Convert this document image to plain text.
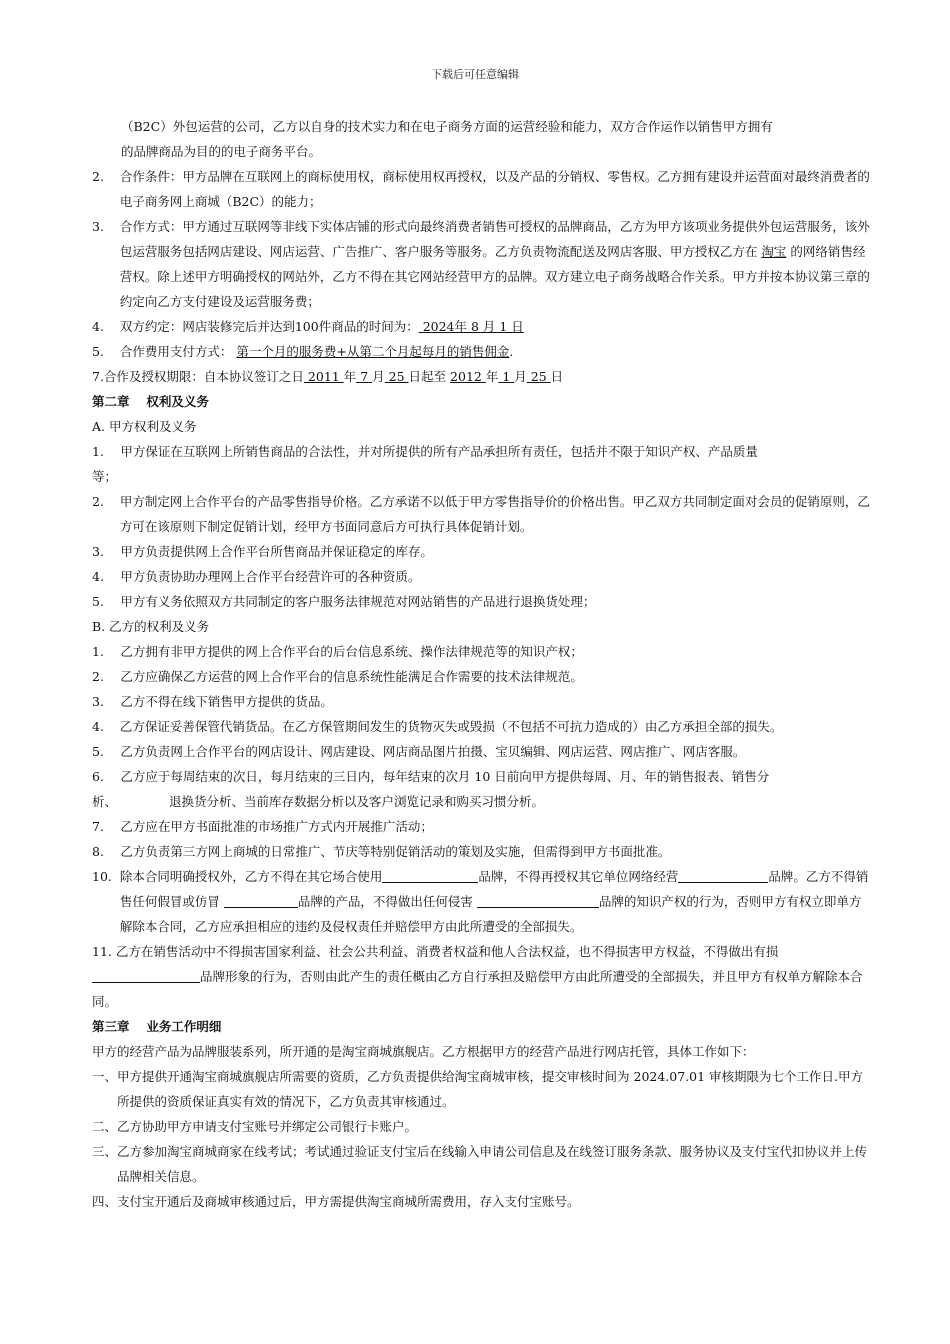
下载后可任意编辑

（B2C）外包运营的公司，乙方以自身的技术实力和在电子商务方面的运营经验和能力，双方合作运作以销售甲方拥有

的品牌商品为目的的电子商务平台。

2.	合作条件：甲方品牌在互联网上的商标使用权，商标使用权再授权，以及产品的分销权、零售权。乙方拥有建设并运营面对最终消费者的电子商务网上商城（B2C）的能力；
3.	合作方式：甲方通过互联网等非线下实体店铺的形式向最终消费者销售可授权的品牌商品，乙方为甲方该项业务提供外包运营服务，该外包运营服务包括网店建设、网店运营、广告推广、客户服务等服务。乙方负责物流配送及网店客服、甲方授权乙方在 淘宝 的网络销售经营权。除上述甲方明确授权的网站外，乙方不得在其它网站经营甲方的品牌。双方建立电子商务战略合作关系。甲方并按本协议第三章的约定向乙方支付建设及运营服务费；
4.	双方约定：网店装修完后并达到100件商品的时间为： 2024年 8 月 1 日
5.	合作费用支付方式： 第一个月的服务费+从第二个月起每月的销售佣金.

7.合作及授权期限：自本协议签订之日 2011 年 7 月 25 日起至 2012 年 1 月 25 日

第二章　 权利及义务

A. 甲方权利及义务

1.　 甲方保证在互联网上所销售商品的合法性，并对所提供的所有产品承担所有责任，包括并不限于知识产权、产品质量

等；

2.	甲方制定网上合作平台的产品零售指导价格。乙方承诺不以低于甲方零售指导价的价格出售。甲乙双方共同制定面对会员的促销原则，乙方可在该原则下制定促销计划，经甲方书面同意后方可执行具体促销计划。

3.　 甲方负责提供网上合作平台所售商品并保证稳定的库存。

4.　 甲方负责协助办理网上合作平台经营许可的各种资质。

5.　 甲方有义务依照双方共同制定的客户服务法律规范对网站销售的产品进行退换货处理；

B. 乙方的权利及义务

1.　 乙方拥有非甲方提供的网上合作平台的后台信息系统、操作法律规范等的知识产权；

2.　 乙方应确保乙方运营的网上合作平台的信息系统性能满足合作需要的技术法律规范。

3.　 乙方不得在线下销售甲方提供的货品。

4.	乙方保证妥善保管代销货品。在乙方保管期间发生的货物灭失或毁损（不包括不可抗力造成的）由乙方承担全部的损失。

5.　 乙方负责网上合作平台的网店设计、网店建设、网店商品图片拍摄、宝贝编辑、网店运营、网店推广、网店客服。

6.　 乙方应于每周结束的次日，每月结束的三日内，每年结束的次月 10 日前向甲方提供每周、月、年的销售报表、销售分

析、	退换货分析、当前库存数据分析以及客户浏览记录和购买习惯分析。

7.　 乙方应在甲方书面批准的市场推广方式内开展推广活动；

8.　 乙方负责第三方网上商城的日常推广、节庆等特别促销活动的策划及实施，但需得到甲方书面批准。

10. 除本合同明确授权外，乙方不得在其它场合使用	品牌，不得再授权其它单位网络经营	品牌。乙方不得销售任何假冒或仿冒	品牌的产品，不得做出任何侵害	品牌的知识产权的行为，否则甲方有权立即单方解除本合同，乙方应承担相应的违约及侵权责任并赔偿甲方由此所遭受的全部损失。

11. 乙方在销售活动中不得损害国家利益、社会公共利益、消费者权益和他人合法权益，也不得损害甲方权益，不得做出有损 品牌形象的行为，否则由此产生的责任概由乙方自行承担及赔偿甲方由此所遭受的全部损失，并且甲方有权单方解除本合同。

第三章　 业务工作明细

甲方的经营产品为品牌服装系列，所开通的是淘宝商城旗舰店。乙方根据甲方的经营产品进行网店托管，具体工作如下：

一、 甲方提供开通淘宝商城旗舰店所需要的资质，乙方负责提供给淘宝商城审核，提交审核时间为 2024.07.01 审核期限为七个工作日.甲方所提供的资质保证真实有效的情况下，乙方负责其审核通过。

二、乙方协助甲方申请支付宝账号并绑定公司银行卡账户。

三、 乙方参加淘宝商城商家在线考试；考试通过验证支付宝后在线输入申请公司信息及在线签订服务条款、服务协议及支付宝代扣协议并上传品牌相关信息。

四、支付宝开通后及商城审核通过后，甲方需提供淘宝商城所需费用，存入支付宝账号。
